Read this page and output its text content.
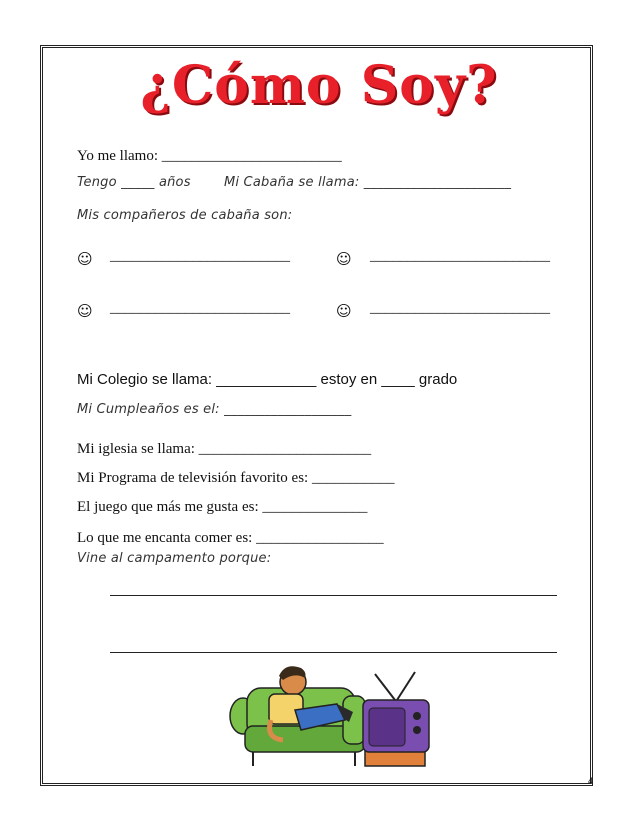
¿Cómo Soy?
Yo me llamo: ________________________
Tengo _____ años	Mi Cabaña se llama: ______________________
Mis compañeros de cabaña son:
☺ ________________________	☺ ________________________
☺ ________________________	☺ ________________________
Mi Colegio se llama: ____________ estoy en ____ grado
Mi Cumpleaños es el: ___________________
Mi iglesia se llama: _______________________
Mi Programa de televisión favorito es: ___________
El juego que más me gusta es: ______________
Lo que me encanta comer es: _________________
Vine al campamento porque:
4
